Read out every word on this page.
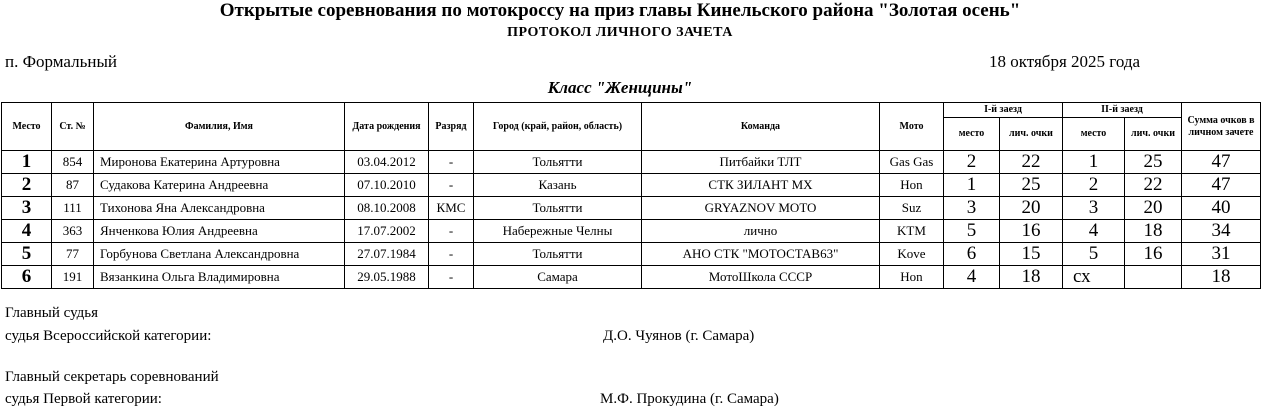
Открытые соревнования по мотокроссу на приз главы Кинельского района "Золотая осень"
ПРОТОКОЛ ЛИЧНОГО ЗАЧЕТА
п. Формальный	18 октября 2025 года
Класс "Женщины"
Место	Ст. №	Фамилия, Имя	Дата рождения	Разряд	Город (край, район, область)	Команда	Мото	I-й заезд		II-й заезд		Сумма очков в личном зачете
								место	лич. очки	место	лич. очки	
1	854	Миронова Екатерина Артуровна	03.04.2012	-	Тольятти	Питбайки ТЛТ	Gas Gas	2	22	1	25	47
2	87	Судакова Катерина Андреевна	07.10.2010	-	Казань	СТК ЗИЛАНТ МХ	Hon	1	25	2	22	47
3	111	Тихонова Яна Александровна	08.10.2008	КМС	Тольятти	GRYAZNOV MOTO	Suz	3	20	3	20	40
4	363	Янченкова Юлия Андреевна	17.07.2002	-	Набережные Челны	лично	KTM	5	16	4	18	34
5	77	Горбунова Светлана Александровна	27.07.1984	-	Тольятти	АНО СТК "МОТОСТАВ63"	Kove	6	15	5	16	31
6	191	Вязанкина Ольга Владимировна	29.05.1988	-	Самара	МотоШкола СССР	Hon	4	18	сх		18
Главный судья
судья Всероссийской категории:	Д.О. Чуянов (г. Самара)
Главный секретарь соревнований
судья Первой категории:	М.Ф. Прокудина (г. Самара)
